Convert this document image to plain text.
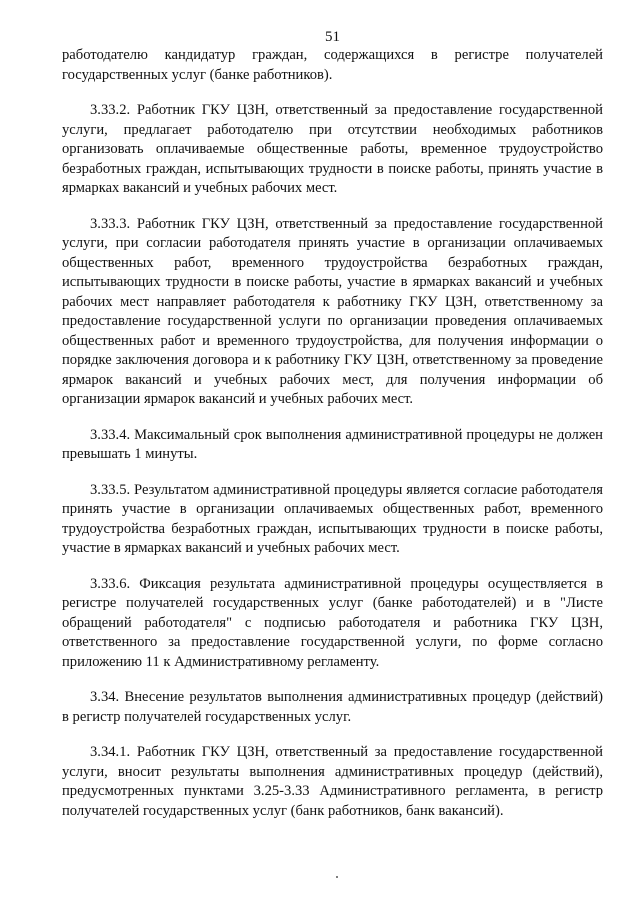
51

работодателю кандидатур граждан, содержащихся в регистре получателей государственных услуг (банке работников).

3.33.2. Работник ГКУ ЦЗН, ответственный за предоставление государственной услуги, предлагает работодателю при отсутствии необходимых работников организовать оплачиваемые общественные работы, временное трудоустройство безработных граждан, испытывающих трудности в поиске работы, принять участие в ярмарках вакансий и учебных рабочих мест.

3.33.3. Работник ГКУ ЦЗН, ответственный за предоставление государственной услуги, при согласии работодателя принять участие в организации оплачиваемых общественных работ, временного трудоустройства безработных граждан, испытывающих трудности в поиске работы, участие в ярмарках вакансий и учебных рабочих мест направляет работодателя к работнику ГКУ ЦЗН, ответственному за предоставление государственной услуги по организации проведения оплачиваемых общественных работ и временного трудоустройства, для получения информации о порядке заключения договора и к работнику ГКУ ЦЗН, ответственному за проведение ярмарок вакансий и учебных рабочих мест, для получения информации об организации ярмарок вакансий и учебных рабочих мест.

3.33.4. Максимальный срок выполнения административной процедуры не должен превышать 1 минуты.

3.33.5. Результатом административной процедуры является согласие работодателя принять участие в организации оплачиваемых общественных работ, временного трудоустройства безработных граждан, испытывающих трудности в поиске работы, участие в ярмарках вакансий и учебных рабочих мест.

3.33.6. Фиксация результата административной процедуры осуществляется в регистре получателей государственных услуг (банке работодателей) и в "Листе обращений работодателя" с подписью работодателя и работника ГКУ ЦЗН, ответственного за предоставление государственной услуги, по форме согласно приложению 11 к Административному регламенту.

3.34. Внесение результатов выполнения административных процедур (действий) в регистр получателей государственных услуг.

3.34.1. Работник ГКУ ЦЗН, ответственный за предоставление государственной услуги, вносит результаты выполнения административных процедур (действий), предусмотренных пунктами 3.25-3.33 Административного регламента, в регистр получателей государственных услуг (банк работников, банк вакансий).
